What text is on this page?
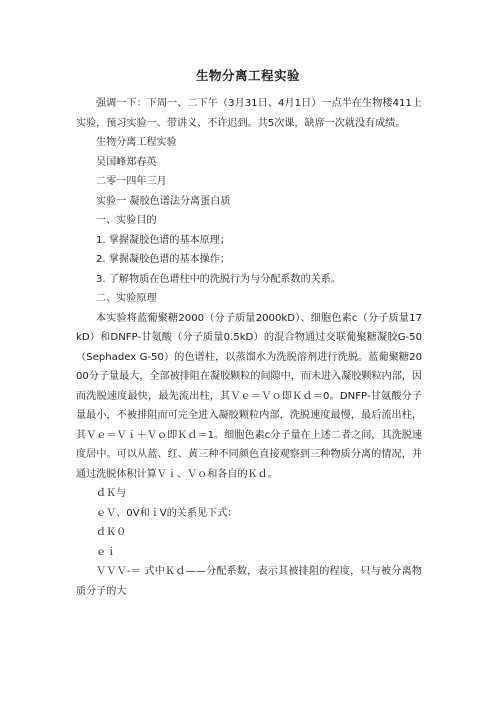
生物分离工程实验

强调一下：下周一、二下午（3月31日、4月1日）一点半在生物楼411上实验，预习实验一、带讲义、不许迟到。共5次课，缺席一次就没有成绩。

生物分离工程实验

吴国峰郑春英

二零一四年三月

实验一 凝胶色谱法分离蛋白质

一、实验目的

1. 掌握凝胶色谱的基本原理；

2. 掌握凝胶色谱的基本操作；

3. 了解物质在色谱柱中的洗脱行为与分配系数的关系。

二、实验原理

本实验将蓝葡聚糖2000（分子质量2000kD）、细胞色素c（分子质量17kD）和DNFP-甘氨酸（分子质量0.5kD）的混合物通过交联葡聚糖凝胶G-50（Sephadex G-50）的色谱柱，以蒸馏水为洗脱溶剂进行洗脱。蓝葡聚糖2000分子量最大，全部被排阻在凝胶颗粒的间隙中，而未进入凝胶颗粒内部，因而洗脱速度最快，最先流出柱，其Ｖｅ＝Ｖｏ即Ｋｄ＝0。DNFP-甘氨酸分子量最小，不被排阻而可完全进入凝胶颗粒内部，洗脱速度最慢，最后流出柱，其Ｖｅ＝Ｖｉ＋Ｖｏ即Ｋｄ＝1。细胞色素c分子量在上述二者之间，其洗脱速度居中。可以从蓝、红、黄三种不同颜色直接观察到三种物质分离的情况，并通过洗脱体积计算Ｖｉ、Ｖｏ和各自的Ｋｄ。

ｄＫ与

ｅＶ、0V和ｉV的关系见下式：

ｄＫ０

ｅｉ

ＶＶＶ-＝ 式中Ｋｄ——分配系数，表示其被排阻的程度，只与被分离物质分子的大
